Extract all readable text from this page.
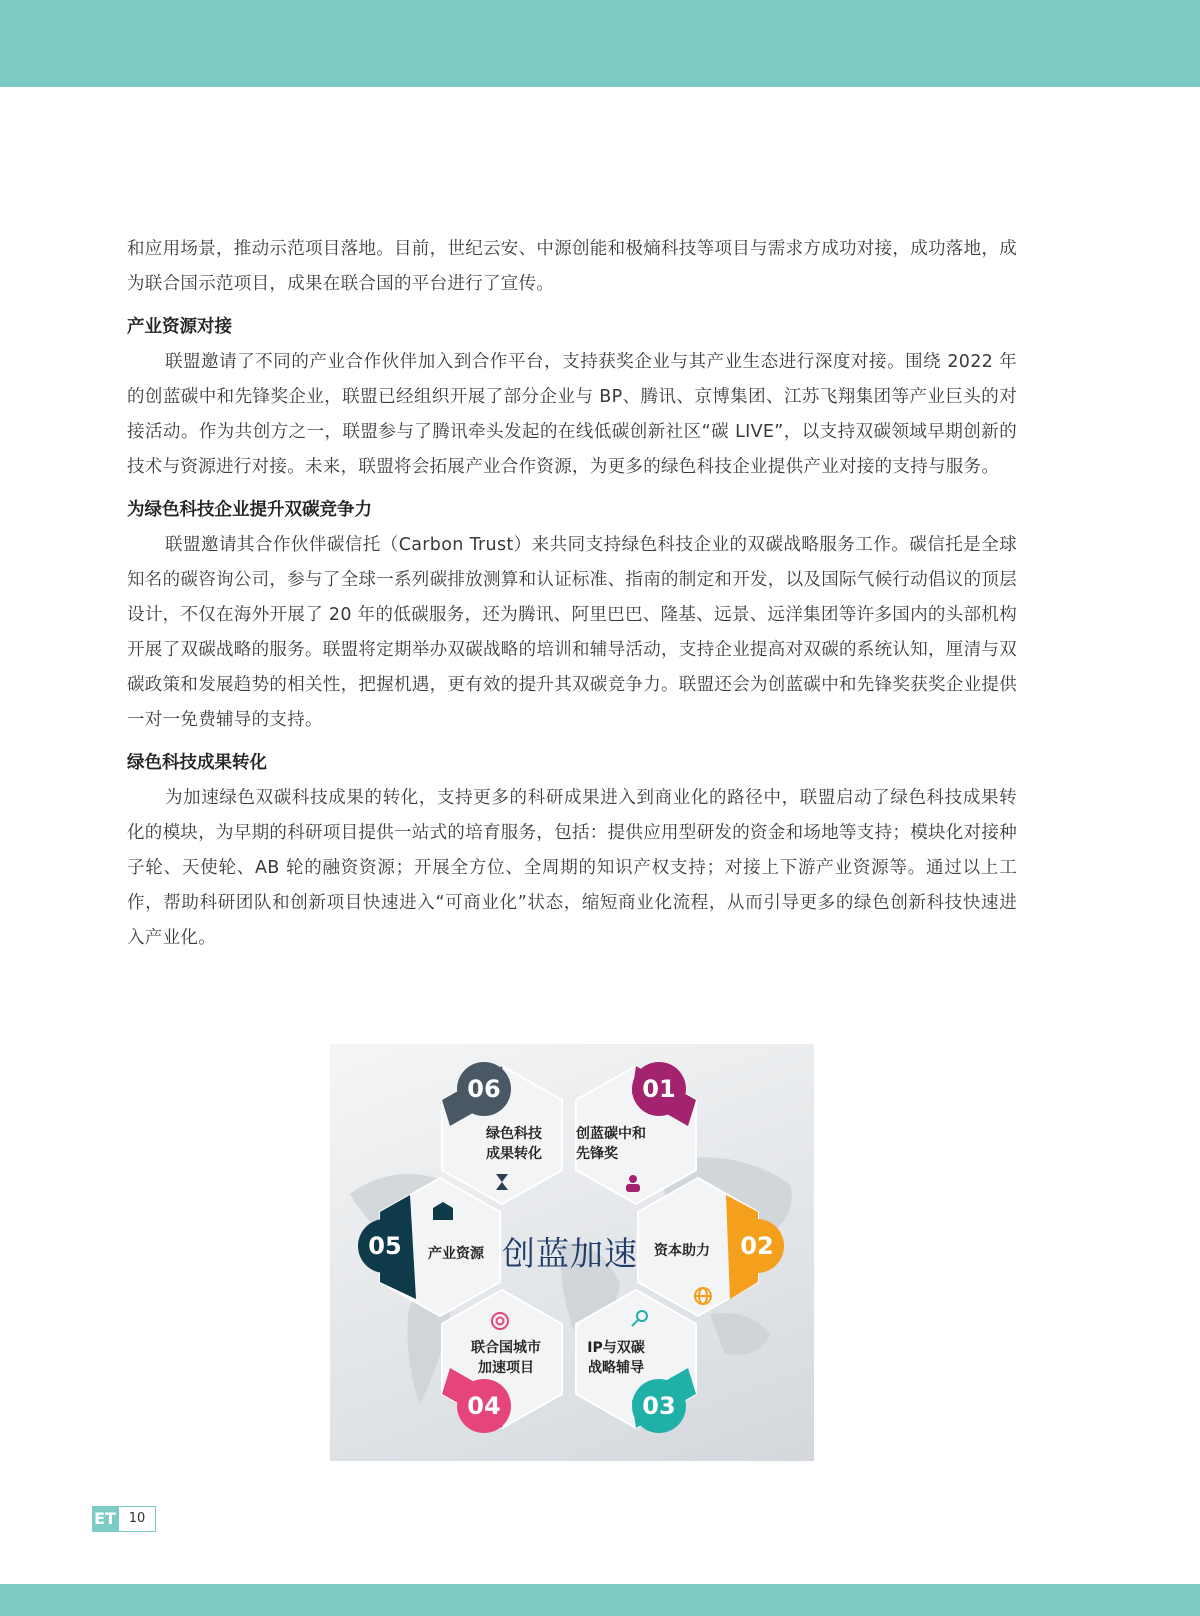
和应用场景，推动示范项目落地。目前，世纪云安、中源创能和极熵科技等项目与需求方成功对接，成功落地，成为联合国示范项目，成果在联合国的平台进行了宣传。

产业资源对接

联盟邀请了不同的产业合作伙伴加入到合作平台，支持获奖企业与其产业生态进行深度对接。围绕 2022 年的创蓝碳中和先锋奖企业，联盟已经组织开展了部分企业与 BP、腾讯、京博集团、江苏飞翔集团等产业巨头的对接活动。作为共创方之一，联盟参与了腾讯牵头发起的在线低碳创新社区“碳 LIVE”，以支持双碳领域早期创新的技术与资源进行对接。未来，联盟将会拓展产业合作资源，为更多的绿色科技企业提供产业对接的支持与服务。

为绿色科技企业提升双碳竞争力

联盟邀请其合作伙伴碳信托（Carbon Trust）来共同支持绿色科技企业的双碳战略服务工作。碳信托是全球知名的碳咨询公司，参与了全球一系列碳排放测算和认证标准、指南的制定和开发，以及国际气候行动倡议的顶层设计，不仅在海外开展了 20 年的低碳服务，还为腾讯、阿里巴巴、隆基、远景、远洋集团等许多国内的头部机构开展了双碳战略的服务。联盟将定期举办双碳战略的培训和辅导活动，支持企业提高对双碳的系统认知，厘清与双碳政策和发展趋势的相关性，把握机遇，更有效的提升其双碳竞争力。联盟还会为创蓝碳中和先锋奖获奖企业提供一对一免费辅导的支持。

绿色科技成果转化

为加速绿色双碳科技成果的转化，支持更多的科研成果进入到商业化的路径中，联盟启动了绿色科技成果转化的模块，为早期的科研项目提供一站式的培育服务，包括：提供应用型研发的资金和场地等支持；模块化对接种子轮、天使轮、AB 轮的融资资源；开展全方位、全周期的知识产权支持；对接上下游产业资源等。通过以上工作，帮助科研团队和创新项目快速进入“可商业化”状态，缩短商业化流程，从而引导更多的绿色创新科技快速进入产业化。

创蓝加速
06	01
05	02
04	03
绿色科技
成果转化
创蓝碳中和
先锋奖
产业资源	资本助力
联合国城市
加速项目
IP与双碳
战略辅导
ET 10
